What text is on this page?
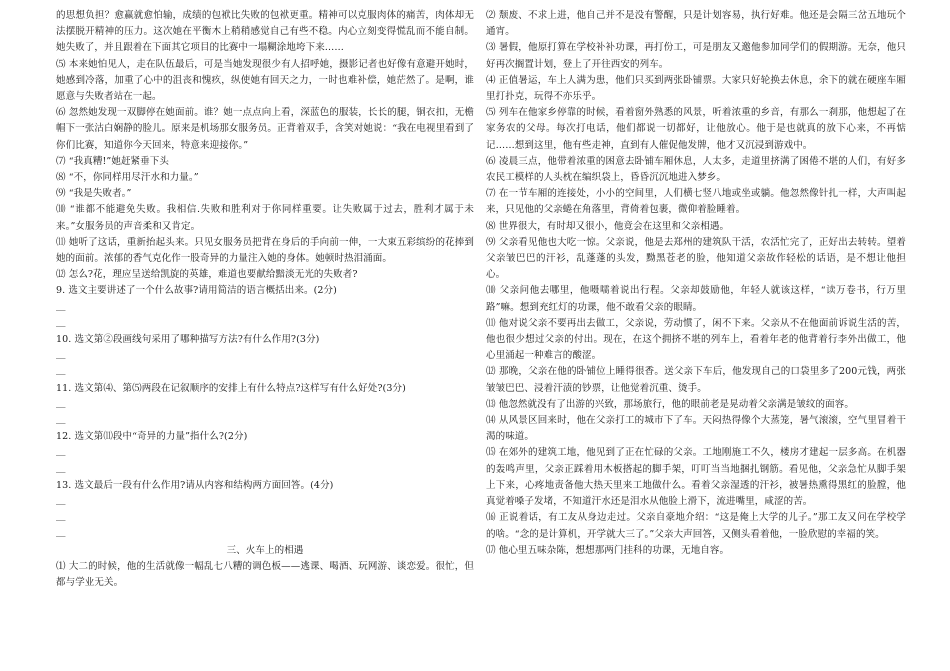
的思想负担？愈赢就愈怕输，成绩的包袱比失败的包袱更重。精神可以克服肉体的痛苦，肉体却无法摆脱开精神的压力。这次她在平衡木上稍稍感觉自己有些不稳。内心立刻变得慌乱而不能自制。她失败了，并且跟着在下面其它项目的比赛中一塌糊涂地垮下来……

⑸ 本来她怕见人，走在队伍最后，可是当她发现很少有人招呼她，摄影记者也好像有意避开她时，她感到冷落，加重了心中的沮丧和愧疚，纵使她有回天之力，一时也难补偿，她茫然了。是啊，谁愿意与失败者站在一起。

⑹ 忽然她发现一双脚停在她面前。谁？她一点点向上看，深蓝色的服装，长长的腿，铜衣扣，无檐帽下一张沽白娴静的脸儿。原来是机场那女服务员。正背着双手，含笑对她说：“我在电视里看到了你们比赛，知道你今天回来，特意来迎接你。”

⑺ “我真糟!”她赶紧垂下头

⑻ “不，你同样用尽汗水和力量。”

⑼ “我是失败者。”

⑽ “谁都不能避免失败。我相信.失败和胜利对于你同样重要。让失败属于过去，胜利才属于未来。”女服务员的声音柔和又肯定。

⑾ 她听了这话，重新抬起头来。只见女服务员把背在身后的手向前一伸，一大束五彩缤纷的花捧到她的面前。浓郁的香气克化作一股奇异的力量注入她的身体。她顿时热泪涌面。

⑿ 怎么?花，理应呈送给凯旋的英雄，难道也要献给黯淡无光的失败者?

9. 选文主要讲述了一个什么故事?请用简洁的语言概括出来。(2分)

＿

＿

10. 选文第②段画线句采用了哪种描写方法?有什么作用?(3分)

＿

＿

11. 选文第⑷、第⑸两段在记叙顺序的安排上有什么特点?这样写有什么好处?(3分)

＿

＿

12. 选文第⑾段中“奇异的力量”指什么?(2分)

＿

＿

13. 选文最后一段有什么作用?请从内容和结构两方面回答。(4分)

＿

＿

＿

三、火车上的相遇

⑴ 大二的时候，他的生活就像一幅乱七八糟的调色板——逃课、喝酒、玩网游、谈恋爱。很忙，但都与学业无关。

⑵ 颓废、不求上进，他自己并不是没有警醒，只是计划容易，执行好难。他还是会隔三岔五地玩个通宵。

⑶ 暑假，他原打算在学校补补功课，再打份工，可是朋友又邀他参加同学们的假期游。无奈，他只好再次搁置计划，登上了开往西安的列车。

⑷ 正值暑运，车上人满为患，他们只买到两张卧铺票。大家只好轮换去休息，余下的就在硬座车厢里打扑克，玩得不亦乐乎。

⑸ 列车在他家乡停靠的时候，看着窗外熟悉的风景，听着浓重的乡音，有那么一刹那，他想起了在家务农的父母。每次打电话，他们都说一切都好，让他放心。他于是也就真的放下心来，不再惦记……想到这里，他有些走神，直到有人催促他发牌，他才又沉浸到游戏中。

⑹ 凌晨三点，他带着浓重的困意去卧铺车厢休息，人太多，走道里挤满了困倦不堪的人们，有好多农民工模样的人头枕在编织袋上，昏昏沉沉地进入梦乡。

⑺ 在一节车厢的连接处，小小的空间里，人们横七竖八地或坐或躺。他忽然像针扎一样，大声叫起来，只见他的父亲蜷在角落里，背倚着包裹，微仰着脸睡着。

⑻ 世界很大，有时却又很小，他竟会在这里和父亲相遇。

⑼ 父亲看见他也大吃一惊。父亲说，他是去郑州的建筑队干活，农活忙完了，正好出去转转。望着父亲皱巴巴的汗衫，乱蓬蓬的头发，黝黑苍老的脸，他知道父亲故作轻松的话语，是不想让他担心。

⑽ 父亲问他去哪里，他嗫嚅着说出行程。父亲却鼓励他，年轻人就该这样，“读万卷书，行万里路”嘛。想到充红灯的功课，他不敢看父亲的眼睛。

⑾ 他对说父亲不要再出去做工，父亲说，劳动惯了，闲不下来。父亲从不在他面前诉说生活的苦，他也很少想过父亲的付出。现在，在这个拥挤不堪的列车上，看着年老的他背着行李外出做工，他心里涌起一种难言的酸涩。

⑿ 那晚，父亲在他的卧铺位上睡得很香。送父亲下车后，他发现自己的口袋里多了200元钱，两张皱皱巴巴、浸着汗渍的钞票，让他觉着沉重、烫手。

⒀ 他忽然就没有了出游的兴致，那场旅行，他的眼前老是晃动着父亲满是皱纹的面容。

⒁ 从风景区回来时，他在父亲打工的城市下了车。天闷热得像个大蒸笼，暑气滚滚，空气里冒着干渴的味道。

⒂ 在郊外的建筑工地，他见到了正在忙碌的父亲。工地刚施工不久，楼房才建起一层多高。在机器的轰鸣声里，父亲正踩着用木板搭起的脚手架，叮叮当当地捆扎钢筋。看见他，父亲急忙从脚手架上下来，心疼地责备他大热天里来工地做什么。看着父亲湿透的汗衫，被暑热熏得黑红的脸膛，他真觉着嗓子发堵，不知道汗水还是泪水从他脸上滑下，流进嘴里，咸涩的苦。

⒃ 正说着话，有工友从身边走过。父亲自豪地介绍：“这是俺上大学的儿子。”那工友又问在学校学的啥。“念的是计算机，开学就大三了。”父亲大声回答，又侧头看着他，一脸欣慰的幸福的笑。

⒄ 他心里五味杂陈，想想那两门挂科的功课，无地自容。
